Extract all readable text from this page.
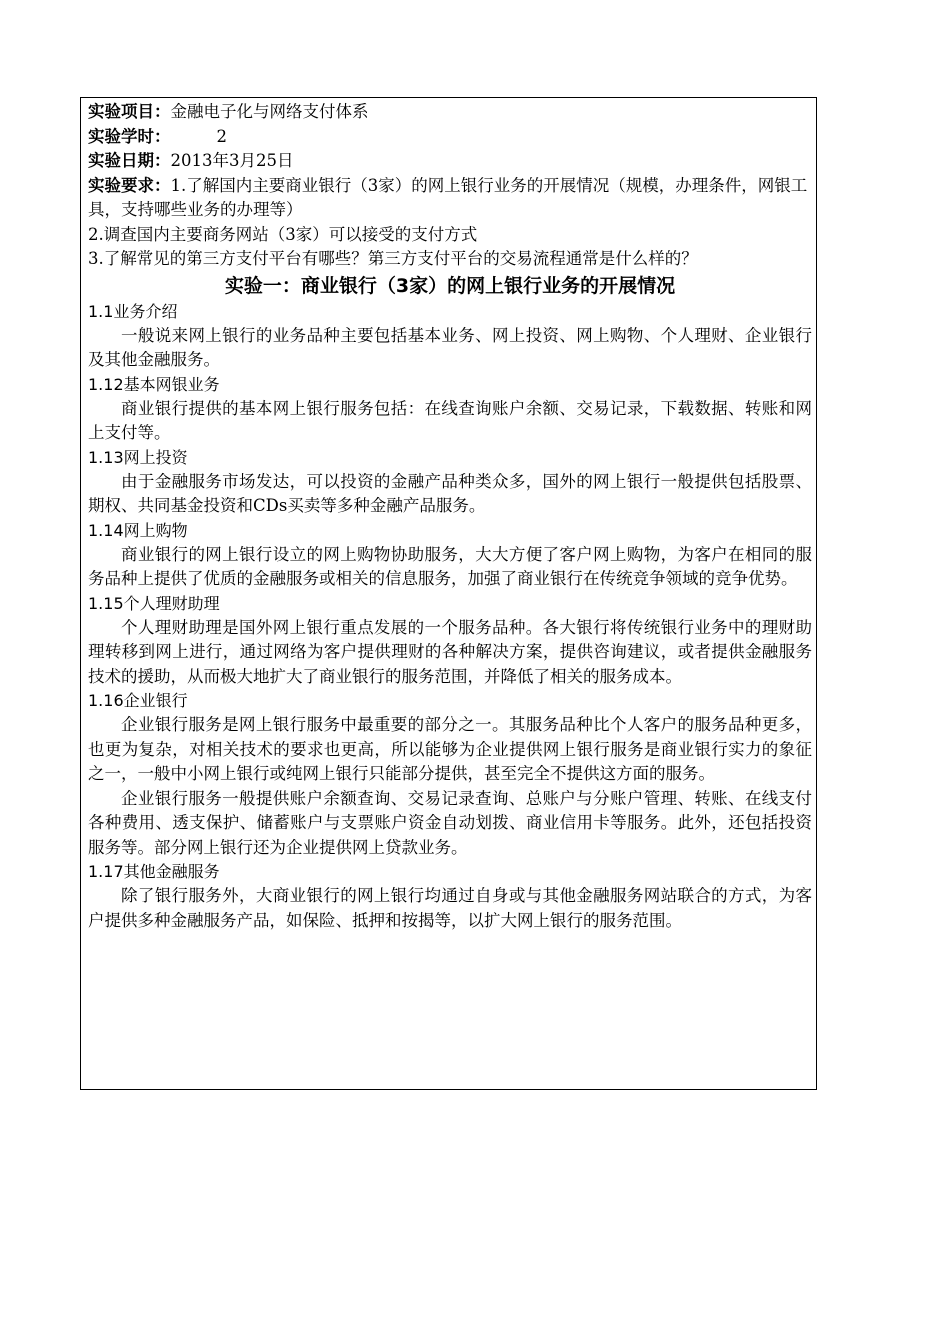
实验项目：金融电子化与网络支付体系

实验学时：	2

实验日期：2013年3月25日

实验要求：1.了解国内主要商业银行（3家）的网上银行业务的开展情况（规模，办理条件，网银工具，支持哪些业务的办理等）

2.调查国内主要商务网站（3家）可以接受的支付方式

3.了解常见的第三方支付平台有哪些？第三方支付平台的交易流程通常是什么样的？

实验一：商业银行（3家）的网上银行业务的开展情况

1.1业务介绍

一般说来网上银行的业务品种主要包括基本业务、网上投资、网上购物、个人理财、企业银行及其他金融服务。

1.12基本网银业务

商业银行提供的基本网上银行服务包括：在线查询账户余额、交易记录，下载数据、转账和网上支付等。

1.13网上投资

由于金融服务市场发达，可以投资的金融产品种类众多，国外的网上银行一般提供包括股票、期权、共同基金投资和CDs买卖等多种金融产品服务。

1.14网上购物

商业银行的网上银行设立的网上购物协助服务，大大方便了客户网上购物，为客户在相同的服务品种上提供了优质的金融服务或相关的信息服务，加强了商业银行在传统竞争领域的竞争优势。

1.15个人理财助理

个人理财助理是国外网上银行重点发展的一个服务品种。各大银行将传统银行业务中的理财助理转移到网上进行，通过网络为客户提供理财的各种解决方案，提供咨询建议，或者提供金融服务技术的援助，从而极大地扩大了商业银行的服务范围，并降低了相关的服务成本。

1.16企业银行

企业银行服务是网上银行服务中最重要的部分之一。其服务品种比个人客户的服务品种更多，也更为复杂，对相关技术的要求也更高，所以能够为企业提供网上银行服务是商业银行实力的象征之一，一般中小网上银行或纯网上银行只能部分提供，甚至完全不提供这方面的服务。

企业银行服务一般提供账户余额查询、交易记录查询、总账户与分账户管理、转账、在线支付各种费用、透支保护、储蓄账户与支票账户资金自动划拨、商业信用卡等服务。此外，还包括投资服务等。部分网上银行还为企业提供网上贷款业务。

1.17其他金融服务

除了银行服务外，大商业银行的网上银行均通过自身或与其他金融服务网站联合的方式，为客户提供多种金融服务产品，如保险、抵押和按揭等，以扩大网上银行的服务范围。
